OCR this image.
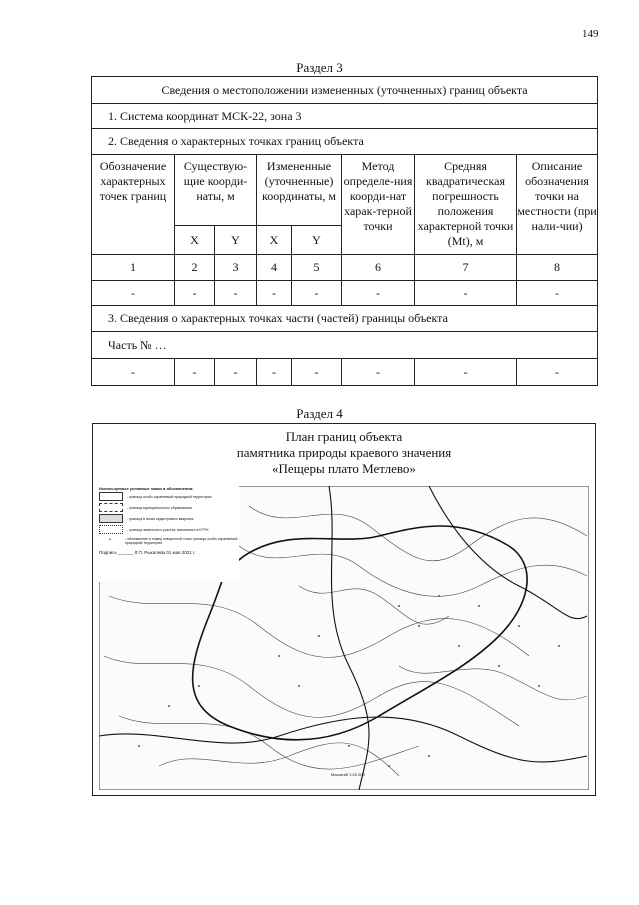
149
Раздел 3
Сведения о местоположении измененных (уточненных) границ объекта							
1. Система координат МСК-22, зона 3							
2. Сведения о характерных точках границ объекта							
Обозначение характерных точек границ	Существую-щие коорди-наты, м		Измененные (уточненные) координаты, м		Метод определе-ния коорди-нат харак-терной точки	Средняя квадратическая погрешность положения характерной точки (Mt), м	Описание обозначения точки на местности (при нали-чии)
	X	Y	X	Y			
1	2	3	4	5	6	7	8
-	-	-	-	-	-	-	-
3. Сведения о характерных точках части (частей) границы объекта							
Часть № …							
-	-	-	-	-	-	-	-
Раздел 4
План границ объекта
памятника природы краевого значения
«Пещеры плато Метлево»
Используемые условные знаки и обозначения:
- граница особо охраняемой природной территории
- граница муниципального образования
- граница в зонах кадастрового квартала
- граница земельного участка, внесенного в ЕГРН
•	- обозначение и номер поворотной точки границы особо охраняемой природной территории
Подпись ______ Л.П. Рыкалева 01 мая 2021 г.
Масштаб 1:20 000
